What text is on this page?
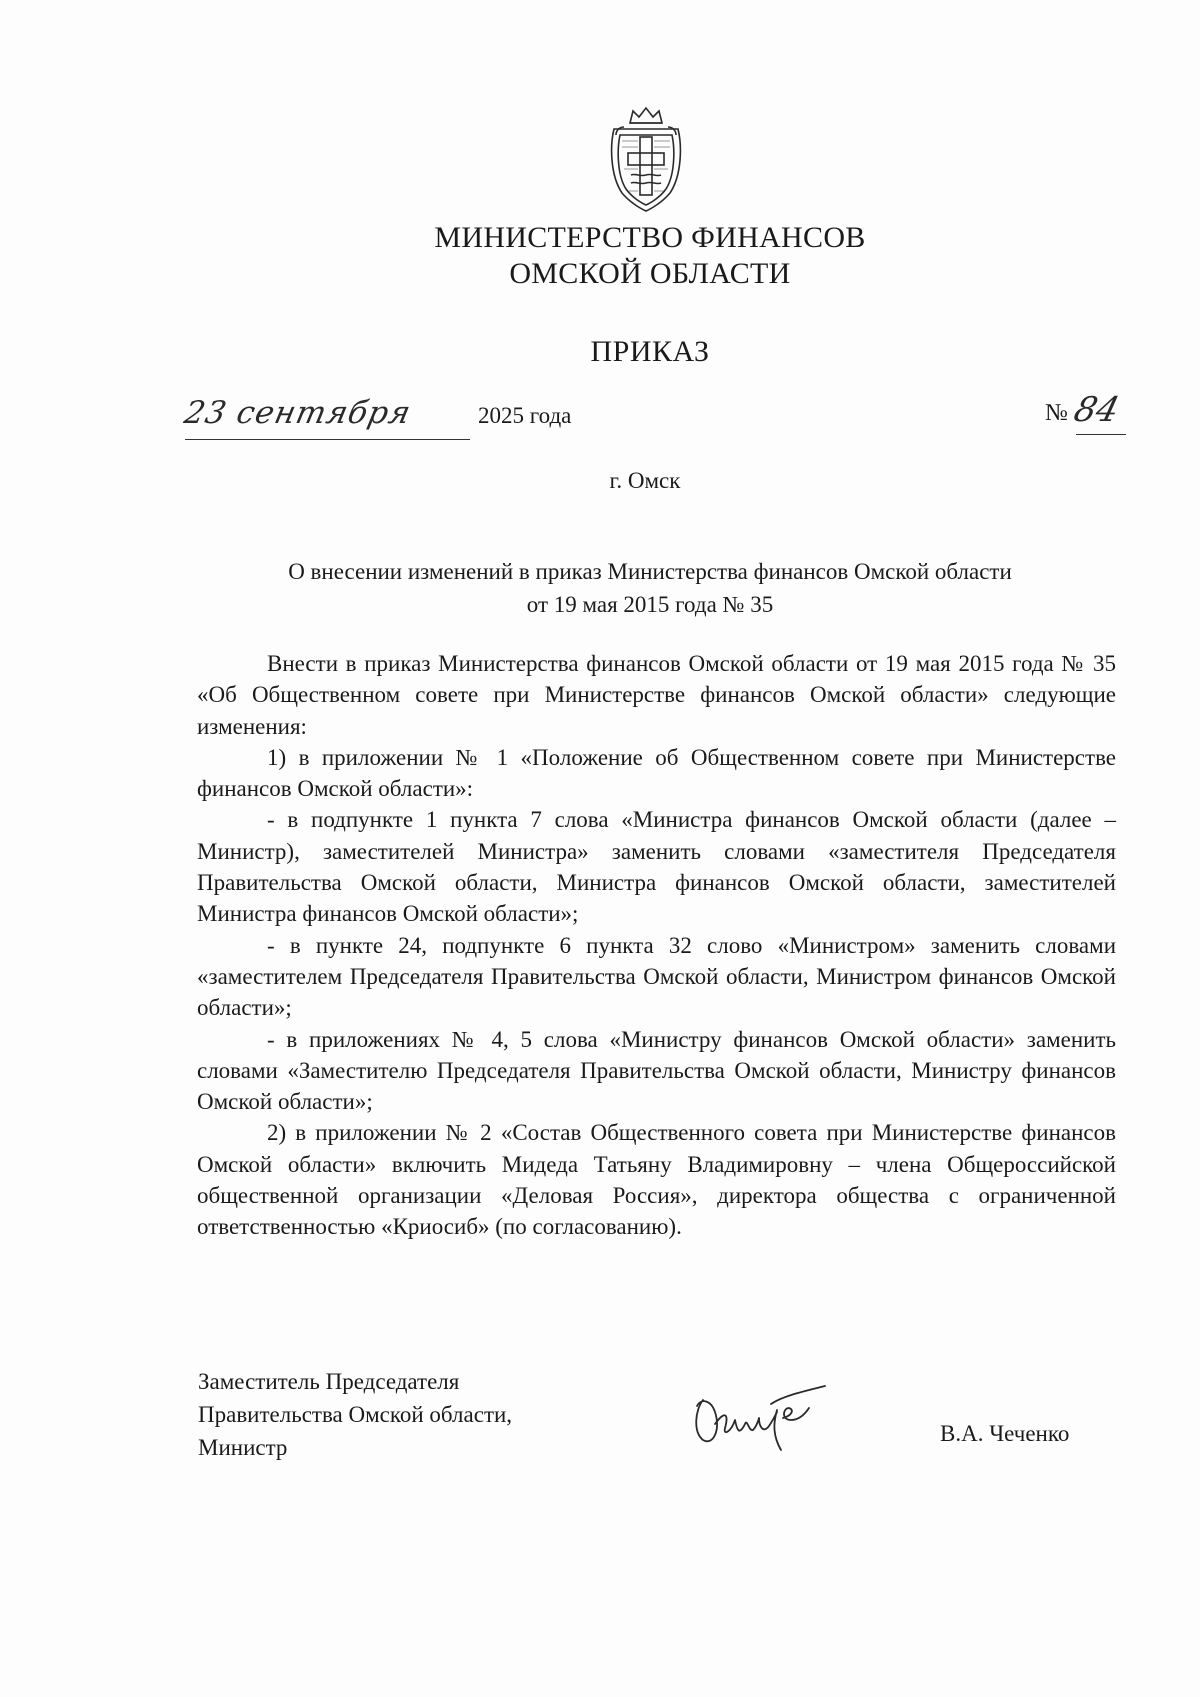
МИНИСТЕРСТВО ФИНАНСОВ
ОМСКОЙ ОБЛАСТИ
ПРИКАЗ
23 сентября	2025 года	№ 84
г. Омск
О внесении изменений в приказ Министерства финансов Омской области
от 19 мая 2015 года № 35

Внести в приказ Министерства финансов Омской области от 19 мая 2015 года № 35 «Об Общественном совете при Министерстве финансов Омской области» следующие изменения:

1) в приложении № 1 «Положение об Общественном совете при Министерстве финансов Омской области»:

- в подпункте 1 пункта 7 слова «Министра финансов Омской области (далее – Министр), заместителей Министра» заменить словами «заместителя Председателя Правительства Омской области, Министра финансов Омской области, заместителей Министра финансов Омской области»;

- в пункте 24, подпункте 6 пункта 32 слово «Министром» заменить словами «заместителем Председателя Правительства Омской области, Министром финансов Омской области»;

- в приложениях № 4, 5 слова «Министру финансов Омской области» заменить словами «Заместителю Председателя Правительства Омской области, Министру финансов Омской области»;

2) в приложении № 2 «Состав Общественного совета при Министерстве финансов Омской области» включить Мидеда Татьяну Владимировну – члена Общероссийской общественной организации «Деловая Россия», директора общества с ограниченной ответственностью «Криосиб» (по согласованию).

Заместитель Председателя
Правительства Омской области,
Министр
В.А. Чеченко
